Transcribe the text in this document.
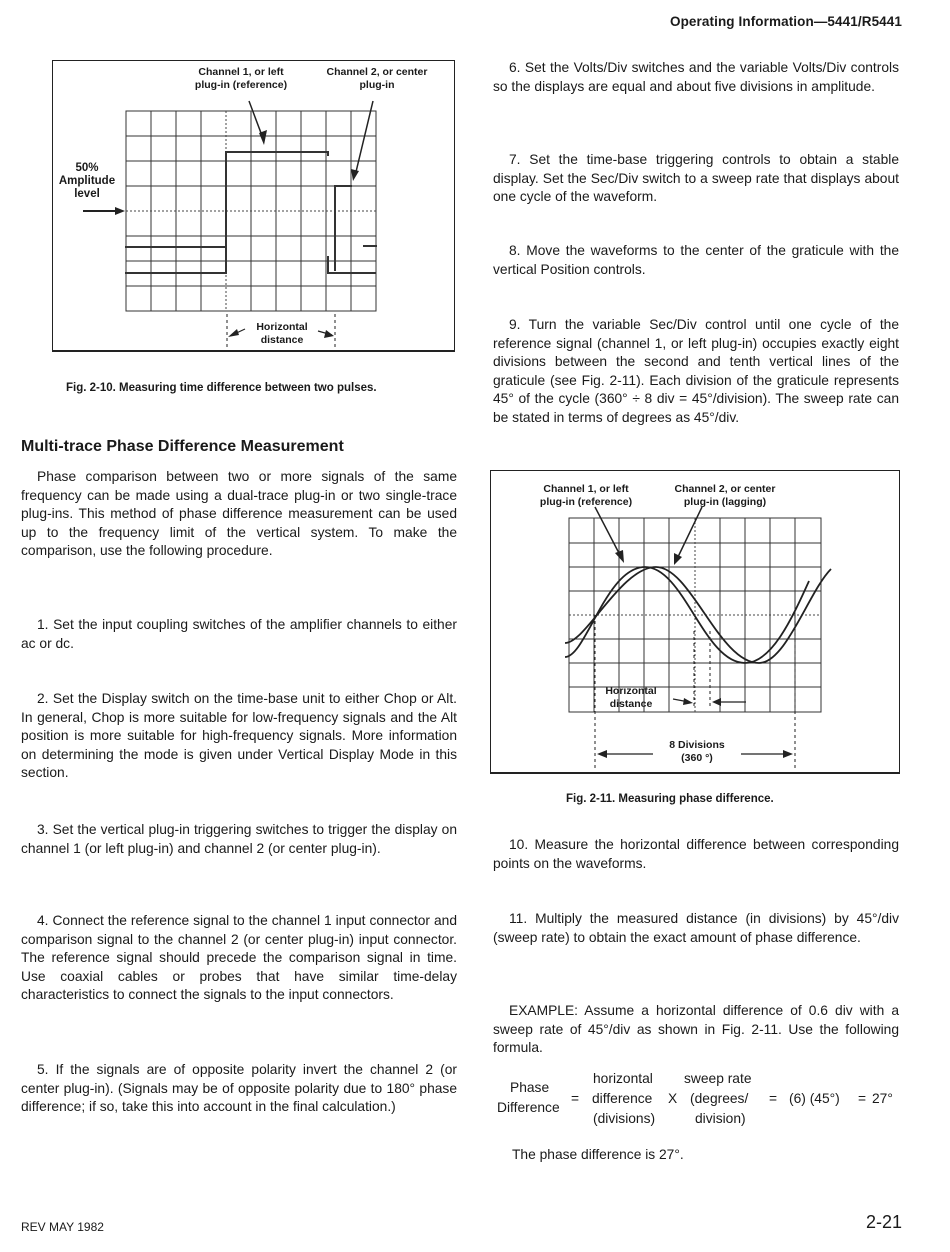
Operating Information—5441/R5441
Channel 1, or left
plug-in (reference)
Channel 2, or center
plug-in
50%
Amplitude
level
Horizontal
distance
Fig. 2-10. Measuring time difference between two pulses.
Multi-trace Phase Difference Measurement

Phase comparison between two or more signals of the same frequency can be made using a dual-trace plug-in or two single-trace plug-ins. This method of phase difference measurement can be used up to the frequency limit of the vertical system. To make the comparison, use the following procedure.

1. Set the input coupling switches of the amplifier channels to either ac or dc.

2. Set the Display switch on the time-base unit to either Chop or Alt. In general, Chop is more suitable for low-frequency signals and the Alt position is more suitable for high-frequency signals. More information on determining the mode is given under Vertical Display Mode in this section.

3. Set the vertical plug-in triggering switches to trigger the display on channel 1 (or left plug-in) and channel 2 (or center plug-in).

4. Connect the reference signal to the channel 1 input connector and comparison signal to the channel 2 (or center plug-in) input connector. The reference signal should precede the comparison signal in time. Use coaxial cables or probes that have similar time-delay characteristics to connect the signals to the input connectors.

5. If the signals are of opposite polarity invert the channel 2 (or center plug-in). (Signals may be of opposite polarity due to 180° phase difference; if so, take this into account in the final calculation.)

6. Set the Volts/Div switches and the variable Volts/Div controls so the displays are equal and about five divisions in amplitude.

7. Set the time-base triggering controls to obtain a stable display. Set the Sec/Div switch to a sweep rate that displays about one cycle of the waveform.

8. Move the waveforms to the center of the graticule with the vertical Position controls.

9. Turn the variable Sec/Div control until one cycle of the reference signal (channel 1, or left plug-in) occupies exactly eight divisions between the second and tenth vertical lines of the graticule (see Fig. 2-11). Each division of the graticule represents 45° of the cycle (360° ÷ 8 div = 45°/division). The sweep rate can be stated in terms of degrees as 45°/div.

Channel 1, or left
plug-in (reference)
Channel 2, or center
plug-in (lagging)
Horizontal
distance
8 Divisions
(360 °)
Fig. 2-11. Measuring phase difference.

10. Measure the horizontal difference between corresponding points on the waveforms.

11. Multiply the measured distance (in divisions) by 45°/div (sweep rate) to obtain the exact amount of phase difference.

EXAMPLE: Assume a horizontal difference of 0.6 div with a sweep rate of 45°/div as shown in Fig. 2-11. Use the following formula.

Phase
Difference
=
horizontal
difference
(divisions)
X
sweep rate
(degrees/
division)
= (6) (45°) = 27°

The phase difference is 27°.

REV MAY 1982	2-21
